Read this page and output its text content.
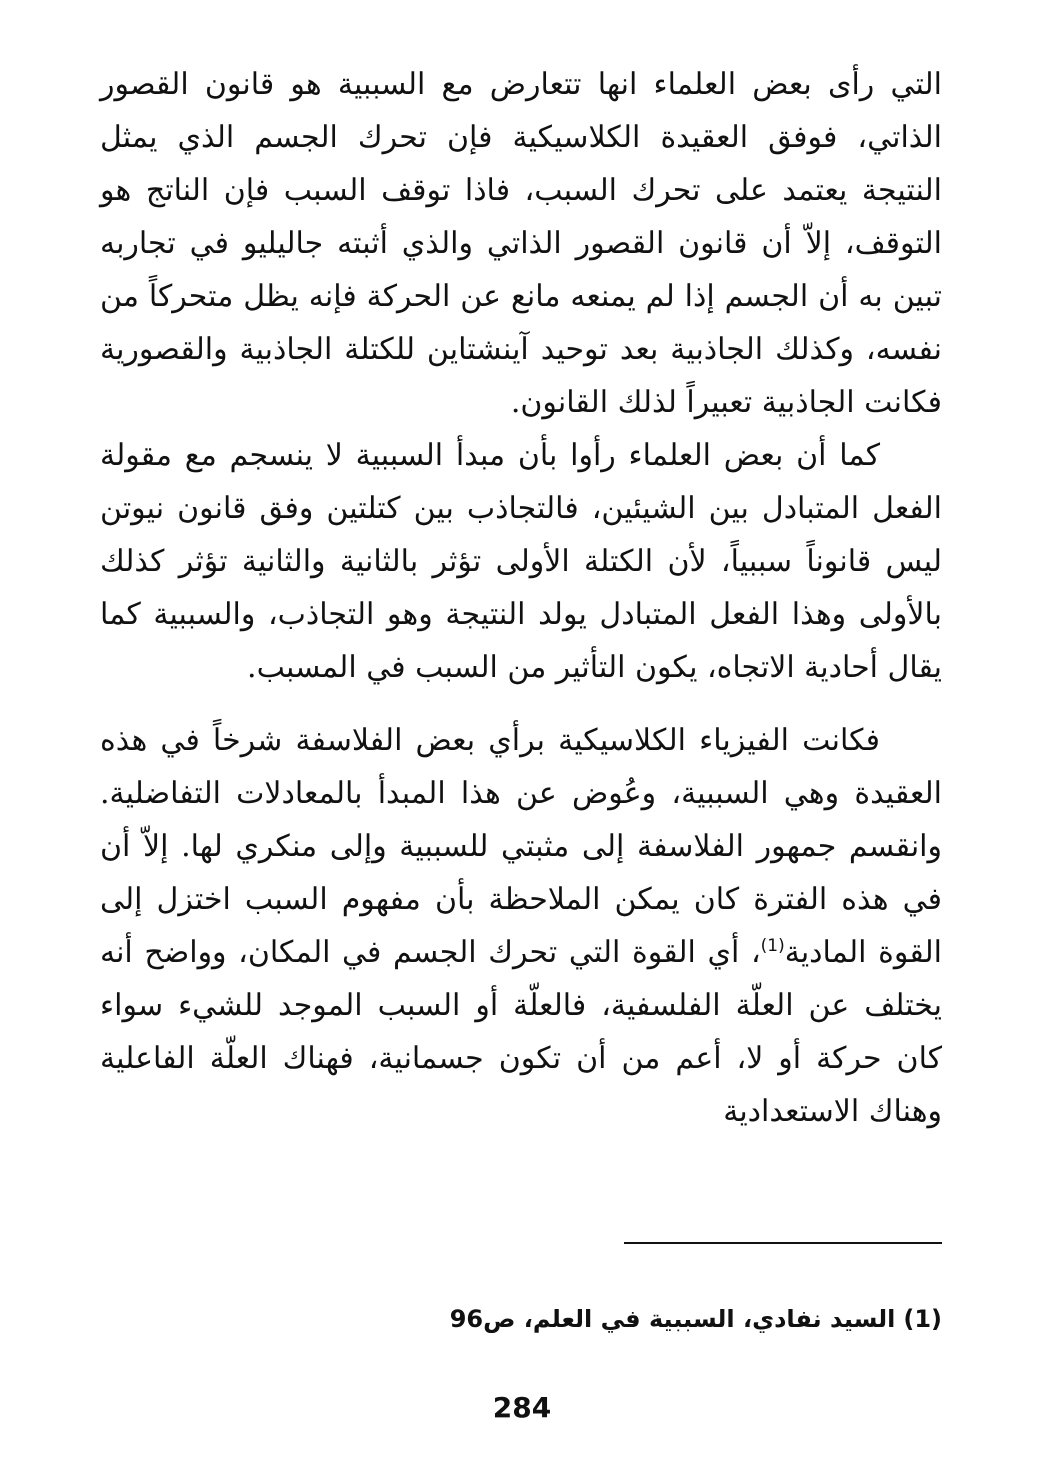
التي رأى بعض العلماء انها تتعارض مع السببية هو قانون القصور الذاتي، فوفق العقيدة الكلاسيكية فإن تحرك الجسم الذي يمثل النتيجة يعتمد على تحرك السبب، فاذا توقف السبب فإن الناتج هو التوقف، إلاّ أن قانون القصور الذاتي والذي أثبته جاليليو في تجاربه تبين به أن الجسم إذا لم يمنعه مانع عن الحركة فإنه يظل متحركاً من نفسه، وكذلك الجاذبية بعد توحيد آينشتاين للكتلة الجاذبية والقصورية فكانت الجاذبية تعبيراً لذلك القانون.

كما أن بعض العلماء رأوا بأن مبدأ السببية لا ينسجم مع مقولة الفعل المتبادل بين الشيئين، فالتجاذب بين كتلتين وفق قانون نيوتن ليس قانوناً سببياً، لأن الكتلة الأولى تؤثر بالثانية والثانية تؤثر كذلك بالأولى وهذا الفعل المتبادل يولد النتيجة وهو التجاذب، والسببية كما يقال أحادية الاتجاه، يكون التأثير من السبب في المسبب.

فكانت الفيزياء الكلاسيكية برأي بعض الفلاسفة شرخاً في هذه العقيدة وهي السببية، وعُوض عن هذا المبدأ بالمعادلات التفاضلية. وانقسم جمهور الفلاسفة إلى مثبتي للسببية وإلى منكري لها. إلاّ أن في هذه الفترة كان يمكن الملاحظة بأن مفهوم السبب اختزل إلى القوة المادية$^{(1)}$، أي القوة التي تحرك الجسم في المكان، وواضح أنه يختلف عن العلّة الفلسفية، فالعلّة أو السبب الموجد للشيء سواء كان حركة أو لا، أعم من أن تكون جسمانية، فهناك العلّة الفاعلية وهناك الاستعدادية

(1)السيد نفادي، السببية في العلم، ص96
284
